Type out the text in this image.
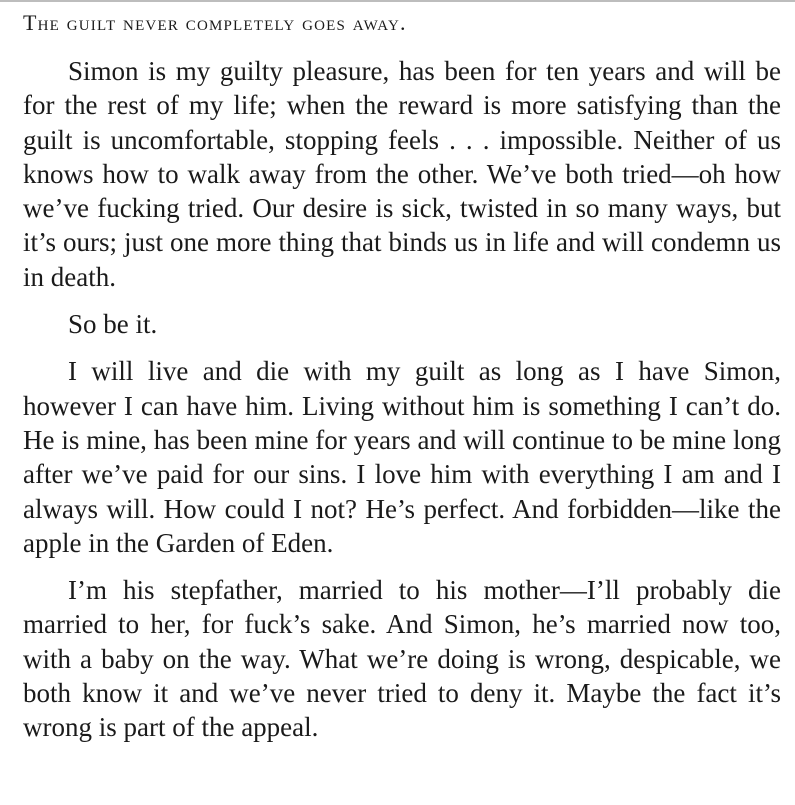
The guilt never completely goes away.

Simon is my guilty pleasure, has been for ten years and will be for the rest of my life; when the reward is more satisfying than the guilt is uncomfortable, stopping feels . . . impossible. Neither of us knows how to walk away from the other. We’ve both tried—oh how we’ve fucking tried. Our desire is sick, twisted in so many ways, but it’s ours; just one more thing that binds us in life and will condemn us in death.

So be it.

I will live and die with my guilt as long as I have Simon, however I can have him. Living without him is something I can’t do. He is mine, has been mine for years and will continue to be mine long after we’ve paid for our sins. I love him with everything I am and I always will. How could I not? He’s perfect. And forbidden—like the apple in the Garden of Eden.

I’m his stepfather, married to his mother—I’ll probably die married to her, for fuck’s sake. And Simon, he’s married now too, with a baby on the way. What we’re doing is wrong, despicable, we both know it and we’ve never tried to deny it. Maybe the fact it’s wrong is part of the appeal.
